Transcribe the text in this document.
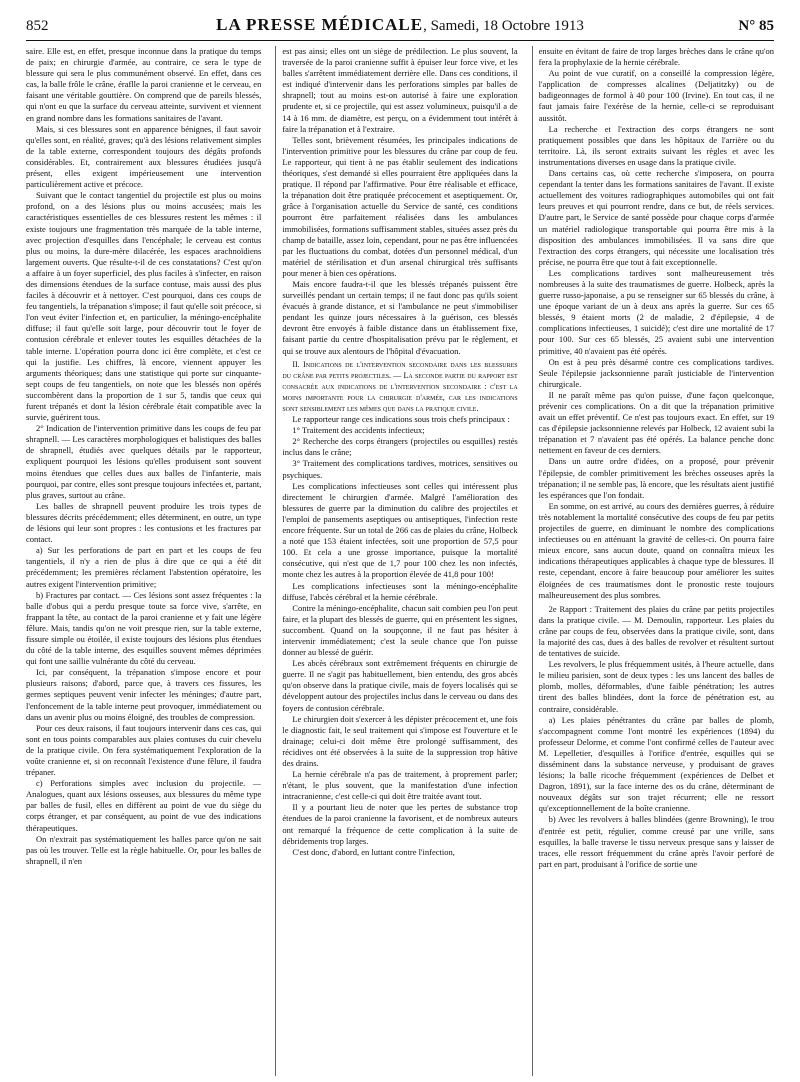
852	LA PRESSE MÉDICALE, Samedi, 18 Octobre 1913	N° 85

saire. Elle est, en effet, presque inconnue dans la pratique du temps de paix; en chirurgie d'armée, au contraire, ce sera le type de blessure qui sera le plus communément observé. En effet, dans ces cas, la balle frôle le crâne, éraflle la paroi cranienne et le cerveau, en faisant une véritable gouttière. On comprend que de pareils blessés, qui n'ont eu que la surface du cerveau atteinte, survivent et viennent en grand nombre dans les formations sanitaires de l'avant.

Mais, si ces blessures sont en apparence bénignes, il faut savoir qu'elles sont, en réalité, graves; qu'à des lésions relativement simples de la table externe, correspondent toujours des dégâts profonds considérables. Et, contrairement aux blessures étudiées jusqu'à présent, elles exigent impérieusement une intervention particulièrement active et précoce.

Suivant que le contact tangentiel du projectile est plus ou moins profond, on a des lésions plus ou moins accusées; mais les caractéristiques essentielles de ces blessures restent les mêmes : il existe toujours une fragmentation très marquée de la table interne, avec projection d'esquilles dans l'encéphale; le cerveau est contus plus ou moins, la dure-mère dilacérée, les espaces arachnoïdiens largement ouverts. Que résulte-t-il de ces constatations? C'est qu'on a affaire à un foyer superficiel, des plus faciles à s'infecter, en raison des dimensions étendues de la surface contuse, mais aussi des plus faciles à découvrir et à nettoyer. C'est pourquoi, dans ces coups de feu tangentiels, la trépanation s'impose; il faut qu'elle soit précoce, si l'on veut éviter l'infection et, en particulier, la méningo-encéphalite diffuse; il faut qu'elle soit large, pour découvrir tout le foyer de contusion cérébrale et enlever toutes les esquilles détachées de la table interne. L'opération pourra donc ici être complète, et c'est ce qui la justifie. Les chiffres, là encore, viennent appuyer les arguments théoriques; dans une statistique qui porte sur cinquante-sept coups de feu tangentiels, on note que les blessés non opérés succombèrent dans la proportion de 1 sur 5, tandis que ceux qui furent trépanés et dont la lésion cérébrale était compatible avec la survie, guérirent tous.

2° Indication de l'intervention primitive dans les coups de feu par shrapnell. — Les caractères morphologiques et balistiques des balles de shrapnell, étudiés avec quelques détails par le rapporteur, expliquent pourquoi les lésions qu'elles produisent sont souvent moins étendues que celles dues aux balles de l'infanterie, mais pourquoi, par contre, elles sont presque toujours infectées et, partant, plus graves, surtout au crâne.

Les balles de shrapnell peuvent produire les trois types de blessures décrits précédemment; elles déterminent, en outre, un type de lésions qui leur sont propres : les contusions et les fractures par contact.

a) Sur les perforations de part en part et les coups de feu tangentiels, il n'y a rien de plus à dire que ce qui a été dit précédemment; les premières réclament l'abstention opératoire, les autres exigent l'intervention primitive;

b) Fractures par contact. — Ces lésions sont assez fréquentes : la balle d'obus qui a perdu presque toute sa force vive, s'arrête, en frappant la tête, au contact de la paroi cranienne et y fait une légère fêlure. Mais, tandis qu'on ne voit presque rien, sur la table externe, fissure simple ou étoilée, il existe toujours des lésions plus étendues du côté de la table interne, des esquilles souvent mêmes déprimées qui font une saillie vulnérante du côté du cerveau.

Ici, par conséquent, la trépanation s'impose encore et pour plusieurs raisons; d'abord, parce que, à travers ces fissures, les germes septiques peuvent venir infecter les méninges; d'autre part, l'enfoncement de la table interne peut provoquer, immédiatement ou dans un avenir plus ou moins éloigné, des troubles de compression.

Pour ces deux raisons, il faut toujours intervenir dans ces cas, qui sont en tous points comparables aux plaies contuses du cuir chevelu de la pratique civile. On fera systématiquement l'exploration de la voûte cranienne et, si on reconnaît l'existence d'une fêlure, il faudra trépaner.

c) Perforations simples avec inclusion du projectile. — Analogues, quant aux lésions osseuses, aux blessures du même type par balles de fusil, elles en diffèrent au point de vue du siège du corps étranger, et par conséquent, au point de vue des indications thérapeutiques.

On n'extrait pas systématiquement les balles parce qu'on ne sait pas où les trouver. Telle est la règle habituelle. Or, pour les balles de shrapnell, il n'en

est pas ainsi; elles ont un siège de prédilection. Le plus souvent, la traversée de la paroi cranienne suffit à épuiser leur force vive, et les balles s'arrêtent immédiatement derrière elle. Dans ces conditions, il est indiqué d'intervenir dans les perforations simples par balles de shrapnell; tout au moins est-on autorisé à faire une exploration prudente et, si ce projectile, qui est assez volumineux, puisqu'il a de 14 à 16 mm. de diamètre, est perçu, on a évidemment tout intérêt à faire la trépanation et à l'extraire.

Telles sont, brièvement résumées, les principales indications de l'intervention primitive pour les blessures du crâne par coup de feu. Le rapporteur, qui tient à ne pas établir seulement des indications théoriques, s'est demandé si elles pourraient être appliquées dans la pratique. Il répond par l'affirmative. Pour être réalisable et efficace, la trépanation doit être pratiquée précocement et aseptiquement. Or, grâce à l'organisation actuelle du Service de santé, ces conditions pourront être parfaitement réalisées dans les ambulances immobilisées, formations suffisamment stables, situées assez près du champ de bataille, assez loin, cependant, pour ne pas être influencées par les fluctuations du combat, dotées d'un personnel médical, d'un matériel de stérilisation et d'un arsenal chirurgical très suffisants pour mener à bien ces opérations.

Mais encore faudra-t-il que les blessés trépanés puissent être surveillés pendant un certain temps; il ne faut donc pas qu'ils soient évacués à grande distance, et si l'ambulance ne peut s'immobiliser pendant les quinze jours nécessaires à la guérison, ces blessés devront être envoyés à faible distance dans un établissement fixe, faisant partie du centre d'hospitalisation prévu par le règlement, et qui se trouve aux alentours de l'hôpital d'évacuation.

II. Indications de l'intervention secondaire dans les blessures du crâne par petits projectiles. — La seconde partie du rapport est consacrée aux indications de l'intervention secondaire : c'est la moins importante pour la chirurgie d'armée, car les indications sont sensiblement les mêmes que dans la pratique civile.

Le rapporteur range ces indications sous trois chefs principaux :

1° Traitement des accidents infectieux;

2° Recherche des corps étrangers (projectiles ou esquilles) restés inclus dans le crâne;

3° Traitement des complications tardives, motrices, sensitives ou psychiques.

Les complications infectieuses sont celles qui intéressent plus directement le chirurgien d'armée. Malgré l'amélioration des blessures de guerre par la diminution du calibre des projectiles et l'emploi de pansements aseptiques ou antiseptiques, l'infection reste encore fréquente. Sur un total de 266 cas de plaies du crâne, Holbeck a noté que 153 étaient infectées, soit une proportion de 57,5 pour 100. Et cela a une grosse importance, puisque la mortalité consécutive, qui n'est que de 1,7 pour 100 chez les non infectés, monte chez les autres à la proportion élevée de 41,8 pour 100!

Les complications infectieuses sont la méningo-encéphalite diffuse, l'abcès cérébral et la hernie cérébrale.

Contre la méningo-encéphalite, chacun sait combien peu l'on peut faire, et la plupart des blessés de guerre, qui en présentent les signes, succombent. Quand on la soupçonne, il ne faut pas hésiter à intervenir immédiatement; c'est la seule chance que l'on puisse donner au blessé de guérir.

Les abcès cérébraux sont extrêmement fréquents en chirurgie de guerre. Il ne s'agit pas habituellement, bien entendu, des gros abcès qu'on observe dans la pratique civile, mais de foyers localisés qui se développent autour des projectiles inclus dans le cerveau ou dans des foyers de contusion cérébrale.

Le chirurgien doit s'exercer à les dépister précocement et, une fois le diagnostic fait, le seul traitement qui s'impose est l'ouverture et le drainage; celui-ci doit même être prolongé suffisamment, des récidives ont été observées à la suite de la suppression trop hâtive des drains.

La hernie cérébrale n'a pas de traitement, à proprement parler; n'étant, le plus souvent, que la manifestation d'une infection intracranienne, c'est celle-ci qui doit être traitée avant tout.

Il y a pourtant lieu de noter que les pertes de substance trop étendues de la paroi cranienne la favorisent, et de nombreux auteurs ont remarqué la fréquence de cette complication à la suite de débridements trop larges.

C'est donc, d'abord, en luttant contre l'infection,

ensuite en évitant de faire de trop larges brèches dans le crâne qu'on fera la prophylaxie de la hernie cérébrale.

Au point de vue curatif, on a conseillé la compression légère, l'application de compresses alcalines (Deljatitzky) ou de badigeonnages de formol à 40 pour 100 (Irvine). En tout cas, il ne faut jamais faire l'exérèse de la hernie, celle-ci se reproduisant aussitôt.

La recherche et l'extraction des corps étrangers ne sont pratiquement possibles que dans les hôpitaux de l'arrière ou du territoire. Là, ils seront extraits suivant les règles et avec les instrumentations diverses en usage dans la pratique civile.

Dans certains cas, où cette recherche s'imposera, on pourra cependant la tenter dans les formations sanitaires de l'avant. Il existe actuellement des voitures radiographiques automobiles qui ont fait leurs preuves et qui pourront rendre, dans ce but, de réels services. D'autre part, le Service de santé possède pour chaque corps d'armée un matériel radiologique transportable qui pourra être mis à la disposition des ambulances immobilisées. Il va sans dire que l'extraction des corps étrangers, qui nécessite une localisation très précise, ne pourra être que tout à fait exceptionnelle.

Les complications tardives sont malheureusement très nombreuses à la suite des traumatismes de guerre. Holbeck, après la guerre russo-japonaise, a pu se renseigner sur 65 blessés du crâne, à une époque variant de un à deux ans après la guerre. Sur ces 65 blessés, 9 étaient morts (2 de maladie, 2 d'épilepsie, 4 de complications infectieuses, 1 suicidé); c'est dire une mortalité de 17 pour 100. Sur ces 65 blessés, 25 avaient subi une intervention primitive, 40 n'avaient pas été opérés.

On est à peu près désarmé contre ces complications tardives. Seule l'épilepsie jacksonnienne paraît justiciable de l'intervention chirurgicale.

Il ne paraît même pas qu'on puisse, d'une façon quelconque, prévenir ces complications. On a dit que la trépanation primitive avait un effet préventif. Ce n'est pas toujours exact. En effet, sur 19 cas d'épilepsie jacksonnienne relevés par Holbeck, 12 avaient subi la trépanation et 7 n'avaient pas été opérés. La balance penche donc nettement en faveur de ces derniers.

Dans un autre ordre d'idées, on a proposé, pour prévenir l'épilepsie, de combler primitivement les brèches osseuses après la trépanation; il ne semble pas, là encore, que les résultats aient justifié les espérances que l'on fondait.

En somme, on est arrivé, au cours des dernières guerres, à réduire très notablement la mortalité consécutive des coups de feu par petits projectiles de guerre, en diminuant le nombre des complications infectieuses ou en atténuant la gravité de celles-ci. On pourra faire mieux encore, sans aucun doute, quand on connaîtra mieux les indications thérapeutiques applicables à chaque type de blessures. Il reste, cependant, encore à faire beaucoup pour améliorer les suites éloignées de ces traumatismes dont le pronostic reste toujours malheureusement des plus sombres.

2e Rapport : Traitement des plaies du crâne par petits projectiles dans la pratique civile. — M. Demoulin, rapporteur. Les plaies du crâne par coups de feu, observées dans la pratique civile, sont, dans la majorité des cas, dues à des balles de revolver et résultent surtout de tentatives de suicide.

Les revolvers, le plus fréquemment usités, à l'heure actuelle, dans le milieu parisien, sont de deux types : les uns lancent des balles de plomb, molles, déformables, d'une faible pénétration; les autres tirent des balles blindées, dont la force de pénétration est, au contraire, considérable.

a) Les plaies pénétrantes du crâne par balles de plomb, s'accompagnent comme l'ont montré les expériences (1894) du professeur Delorme, et comme l'ont confirmé celles de l'auteur avec M. Lepelletier, d'esquilles à l'orifice d'entrée, esquilles qui se disséminent dans la substance nerveuse, y produisant de graves lésions; la balle ricoche fréquemment (expériences de Delbet et Dagron, 1891), sur la face interne des os du crâne, déterminant de nouveaux dégâts sur son trajet récurrent; elle ne ressort qu'exceptionnellement de la boîte cranienne.

b) Avec les revolvers à balles blindées (genre Browning), le trou d'entrée est petit, régulier, comme creusé par une vrille, sans esquilles, la balle traverse le tissu nerveux presque sans y laisser de traces, elle ressort fréquemment du crâne après l'avoir perforé de part en part, produisant à l'orifice de sortie une
